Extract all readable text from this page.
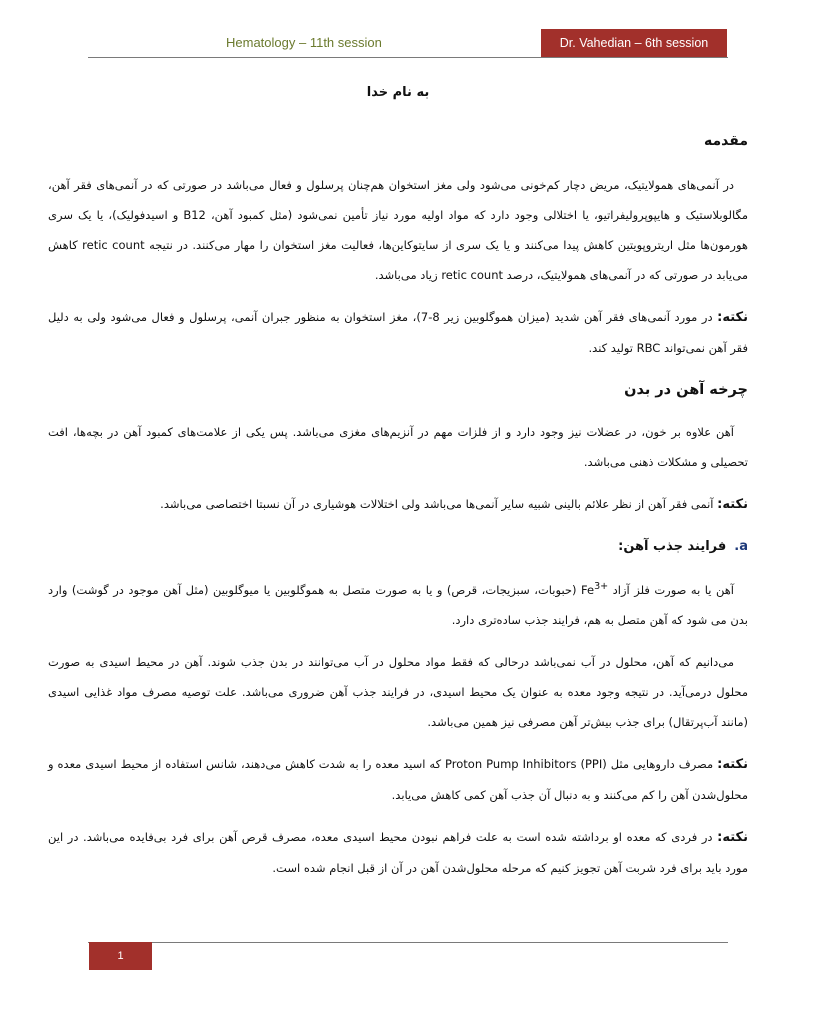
Hematology – 11th session	Dr. Vahedian – 6th session
به نام خدا
مقدمه

در آنمی‌های همولایتیک، مریض دچار کم‌خونی می‌شود ولی مغز استخوان هم‌چنان پرسلول و فعال می‌باشد در صورتی که در آنمی‌های فقر آهن، مگالوبلاستیک و هایپوپرولیفراتیو، یا اختلالی وجود دارد که مواد اولیه مورد نیاز تأمین نمی‌شود (مثل کمبود آهن، B12 و اسیدفولیک)، یا یک سری هورمون‌ها مثل اریتروپویتین کاهش پیدا می‌کنند و یا یک سری از سایتوکاین‌ها، فعالیت مغز استخوان را مهار می‌کنند. در نتیجه retic count کاهش می‌یابد در صورتی که در آنمی‌های همولایتیک، درصد retic count زیاد می‌باشد.

نکته: در مورد آنمی‌های فقر آهن شدید (میزان هموگلوبین زیر 8-7)، مغز استخوان به منظور جبران آنمی، پرسلول و فعال می‌شود ولی به دلیل فقر آهن نمی‌تواند RBC تولید کند.

چرخه آهن در بدن

آهن علاوه بر خون، در عضلات نیز وجود دارد و از فلزات مهم در آنزیم‌های مغزی می‌باشد. پس یکی از علامت‌های کمبود آهن در بچه‌ها، افت تحصیلی و مشکلات ذهنی می‌باشد.

نکته: آنمی فقر آهن از نظر علائم بالینی شبیه سایر آنمی‌ها می‌باشد ولی اختلالات هوشیاری در آن نسبتا اختصاصی می‌باشد.

a.فرایند جذب آهن:

آهن یا به صورت فلز آزاد $Fe^{3+}$ (حبوبات، سبزیجات، قرص) و یا به صورت متصل به هموگلوبین یا میوگلوبین (مثل آهن موجود در گوشت) وارد بدن می شود که آهن متصل به هم، فرایند جذب ساده‌تری دارد.

می‌دانیم که آهن، محلول در آب نمی‌باشد درحالی که فقط مواد محلول در آب می‌توانند در بدن جذب شوند. آهن در محیط اسیدی به صورت محلول درمی‌آید. در نتیجه وجود معده به عنوان یک محیط اسیدی، در فرایند جذب آهن ضروری می‌باشد. علت توصیه مصرف مواد غذایی اسیدی (مانند آب‌پرتقال) برای جذب بیش‌تر آهن مصرفی نیز همین می‌باشد.

نکته: مصرف داروهایی مثل Proton Pump Inhibitors (PPI) که اسید معده را به شدت کاهش می‌دهند، شانس استفاده از محیط اسیدی معده و محلول‌شدن آهن را کم می‌کنند و به دنبال آن جذب آهن کمی کاهش می‌یابد.

نکته: در فردی که معده او برداشته شده است به علت فراهم نبودن محیط اسیدی معده، مصرف قرص آهن برای فرد بی‌فایده می‌باشد. در این مورد باید برای فرد شربت آهن تجویز کنیم که مرحله محلول‌شدن آهن در آن از قبل انجام شده است.

1
